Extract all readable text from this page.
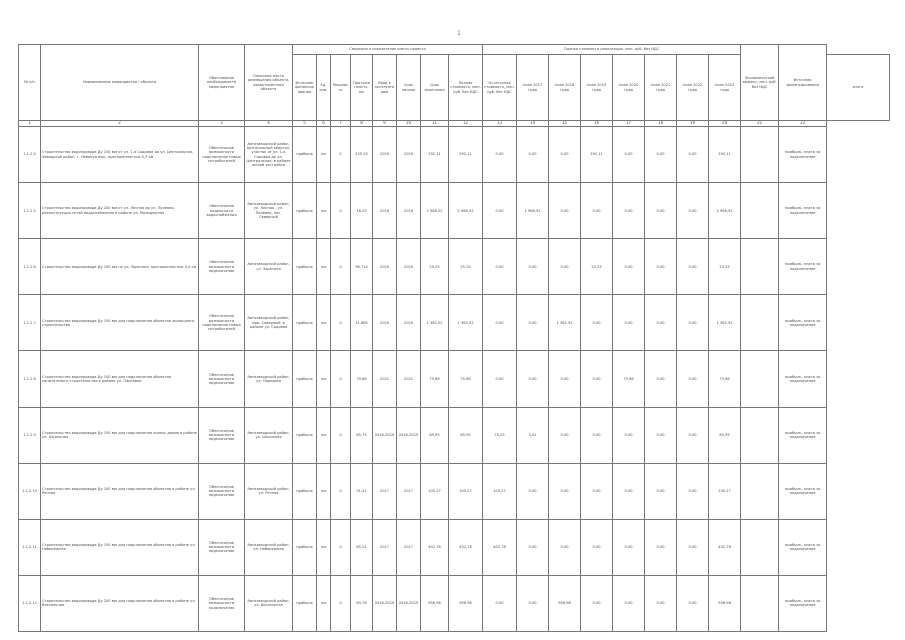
1
№ п/п	Наименование мероприятия / объекта	Обоснование необходимости мероприятия	Описание места размещения объекта, характеристика объекта	Сведения о показателях сметы проекта								Оценка стоимости реализации, млн. руб. без НДС								Экономический эффект, млн. руб. без НДС	Источник финансирования	
				Источник финансирования	Ед. изм.	Мощность	Протяженность, км	Ввод в эксплуатацию	Срок начала	Срок окончания	Полная стоимость, млн. руб. без НДС	Остаточная стоимость, млн. руб. без НДС	план 2017 года	план 2018 года	план 2019 года	план 2020 года	план 2021 года	план 2022 года	план 2023 года			итого
1	2	3	4	5	6	7	8	9	10	11	12	13	14	15	16	17	18	19	20	21	22	
1.1.2.4	Строительство водопровода Ду 150 мм от ул. 1-я Садовая до ул. Центральная, Заводской район, г. Новокузнецк, протяженностью 0,9 км	Обеспечение возможности подключения новых потребителей	Автозаводский район, Центральный квартал, участок от ул. 1-я Садовая до ул. Центральная, в районе жилой застройки	прибыль	км	0	225,25	2020	2020	292,11	292,11	0,00	0,00	0,00	292,11	0,00	0,00	0,00	292,11		прибыль, плата за подключение	
1.1.2.5	Строительство водопровода Ду 200 мм от ул. Лесная до ул. Полевая, реконструкция сетей водоснабжения в районе ул. Молодежная	Обеспечение надежности водоснабжения	Автозаводский район, ул. Лесная - ул. Полевая, пос. Северный	прибыль	км	0	16,25	2018	2018	2 968,52	2 968,52	0,00	1 968,52	0,00	0,00	0,00	0,00	0,00	2 968,52		прибыль, плата за подключение	
1.1.2.6	Строительство водопровода Ду 100 мм по ул. Заречная, протяженностью 0,4 км	Обеспечение возможности подключения	Автозаводский район, ул. Заречная	прибыль	км	0	96,714	2020	2020	25,25	25,25	0,00	0,00	0,00	25,25	0,00	0,00	0,00	25,25		прибыль, плата за подключение	
1.1.2.7	Строительство водопровода Ду 150 мм для подключения объектов жилищного строительства	Обеспечение возможности подключения новых потребителей	Автозаводский район, мкр. Северный, в районе ул. Садовая	прибыль	км	0	31,865	2020	2020	1 362,52	1 362,52	0,00	0,00	1 362,52	0,00	0,00	0,00	0,00	1 362,52		прибыль, плата за подключение	
1.1.2.8	Строительство водопровода Ду 100 мм для подключения объектов капитального строительства в районе ул. Парковая	Обеспечение возможности подключения	Автозаводский район, ул. Парковая	прибыль	км	0	79,86	2021	2021	75,66	75,66	0,00	0,00	0,00	0,00	75,66	0,00	0,00	75,66		прибыль, плата за подключение	
1.1.2.9	Строительство водопровода Ду 150 мм для подключения жилых домов в районе ул. Школьная	Обеспечение возможности подключения	Автозаводский район, ул. Школьная	прибыль	км	0	85,74	2018-2019	2018-2019	85,95	85,95	75,25	3,41	0,00	0,00	0,00	0,00	0,00	85,95		прибыль, плата за подключение	
1.1.2.10	Строительство водопровода Ду 100 мм для подключения объектов в районе ул. Речная	Обеспечение возможности подключения	Автозаводский район, ул. Речная	прибыль	км	0	91,41	2017	2017	105,27	105,27	105,27	0,00	0,00	0,00	0,00	0,00	0,00	105,27		прибыль, плата за подключение	
1.1.2.11	Строительство водопровода Ду 150 мм для подключения объектов в районе ул. Набережная	Обеспечение возможности подключения	Автозаводский район, ул. Набережная	прибыль	км	0	85,24	2017	2017	402,78	402,78	402,78	0,00	0,00	0,00	0,00	0,00	0,00	402,78		прибыль, плата за подключение	
1.1.2.12	Строительство водопровода Ду 200 мм для подключения объектов в районе ул. Вокзальная	Обеспечение возможности подключения	Автозаводский район, ул. Вокзальная	прибыль	км	0	83,78	2018-2019	2018-2019	956,98	956,98	0,00	0,00	956,98	0,00	0,00	0,00	0,00	956,98		прибыль, плата за подключение	
